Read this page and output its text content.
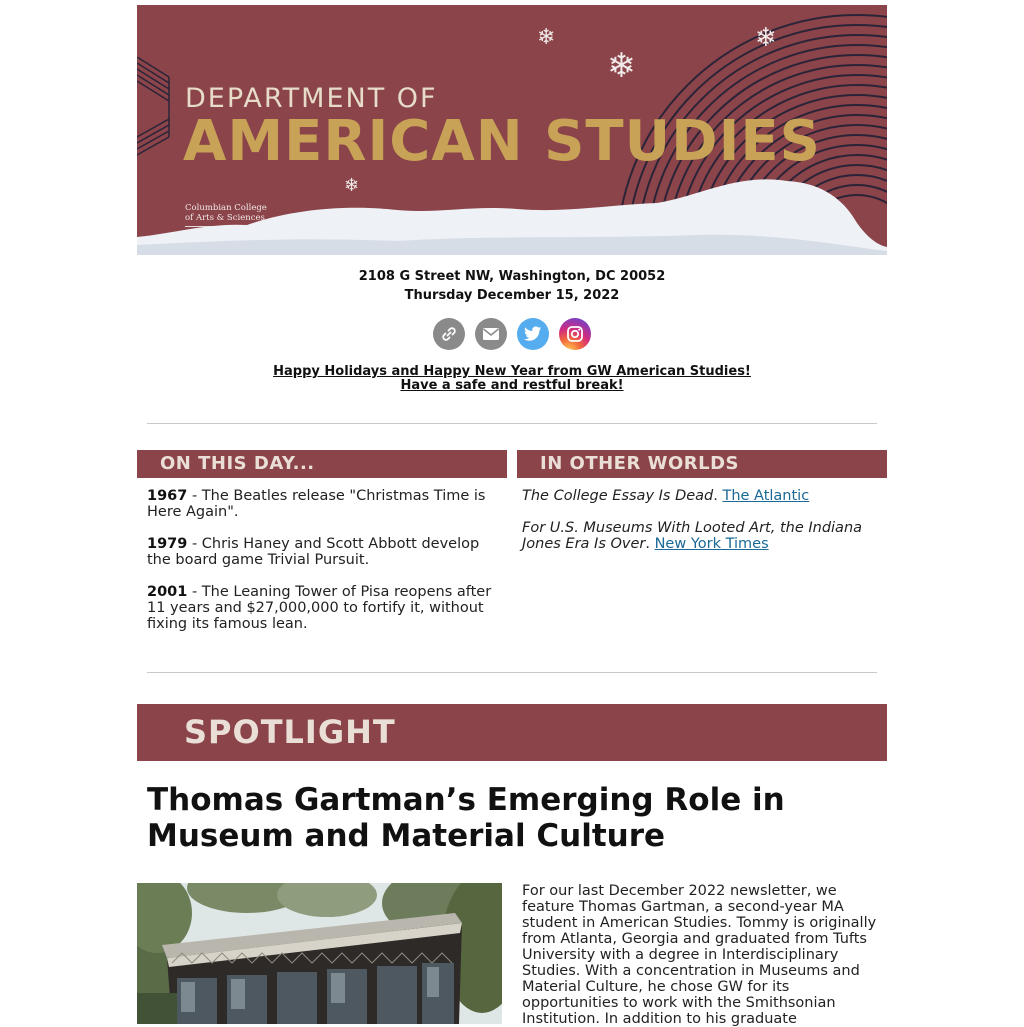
DEPARTMENT OF
AMERICAN STUDIES
Columbian College
of Arts & Sciences
❄
❄
❄
❄
2108 G Street NW, Washington, DC 20052
Thursday December 15, 2022
Happy Holidays and Happy New Year from GW American Studies!
Have a safe and restful break!
ON THIS DAY...

1967 - The Beatles release "Christmas Time is Here Again".

1979 - Chris Haney and Scott Abbott develop the board game Trivial Pursuit.

2001 - The Leaning Tower of Pisa reopens after 11 years and $27,000,000 to fortify it, without fixing its famous lean.

IN OTHER WORLDS

The College Essay Is Dead. The Atlantic

For U.S. Museums With Looted Art, the Indiana Jones Era Is Over. New York Times

SPOTLIGHT
Thomas Gartman’s Emerging Role in Museum and Material Culture
For our last December 2022 newsletter, we feature Thomas Gartman, a second-year MA student in American Studies. Tommy is originally from Atlanta, Georgia and graduated from Tufts University with a degree in Interdisciplinary Studies. With a concentration in Museums and Material Culture, he chose GW for its opportunities to work with the Smithsonian Institution. In addition to his graduate
